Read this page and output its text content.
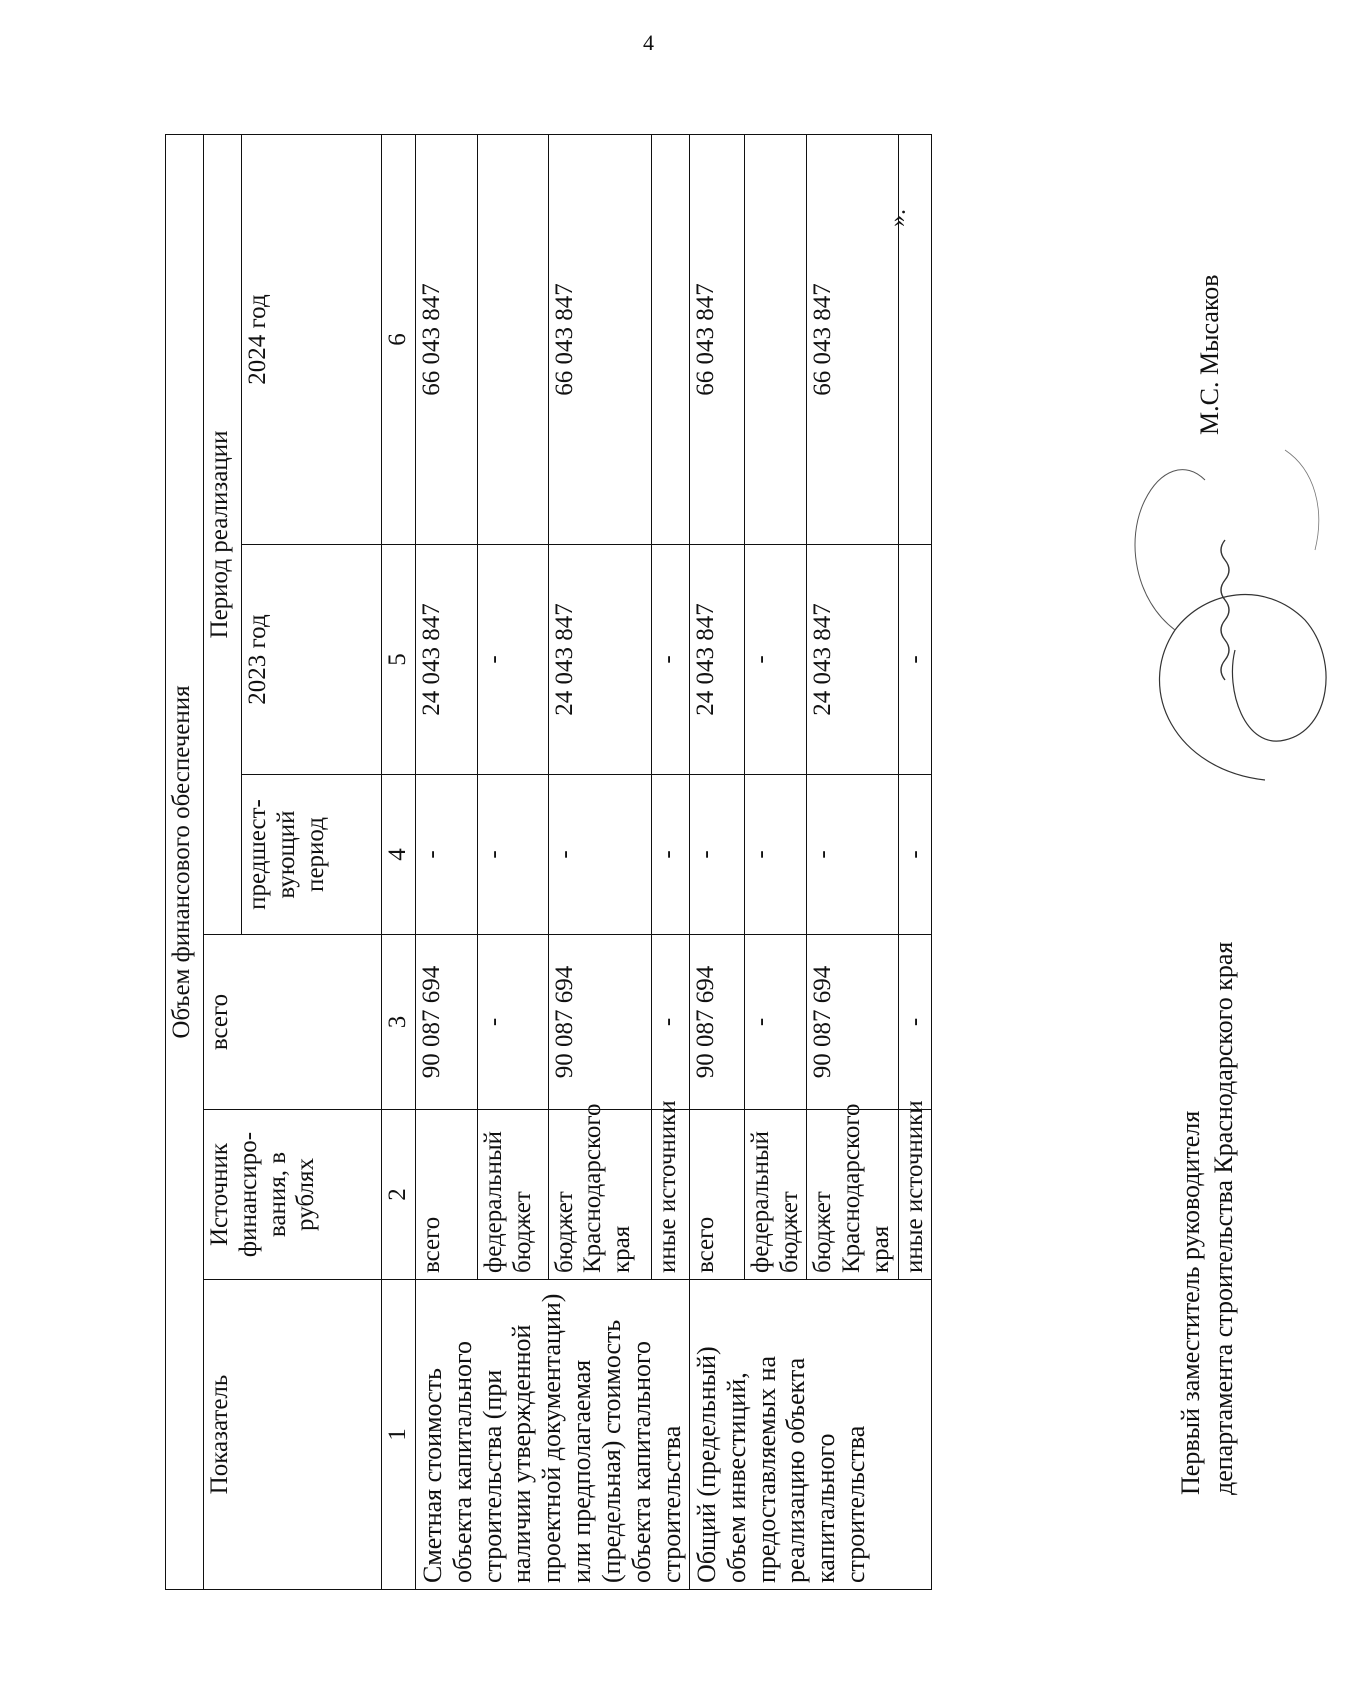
4
Объем финансового обеспечения					
Показатель	Источник финансиро-вания, в рублях	всего	Период реализации		
			предшест-вующий период	2023 год	2024 год
1	2	3	4	5	6
Сметная стоимость объекта капитального строительства (при наличии утвержденной проектной документации) или предполагаемая (предельная) стоимость объекта капитального строительства	всего	90 087 694	-	24 043 847	66 043 847
	федеральный бюджет	-	-	-	
	бюджет Краснодарского края	90 087 694	-	24 043 847	66 043 847
	иные источники	-	-	-	
Общий (предельный) объем инвестиций, предоставляемых на реализацию объекта капитального строительства	всего	90 087 694	-	24 043 847	66 043 847
	федеральный бюджет	-	-	-	
	бюджет Краснодарского края	90 087 694	-	24 043 847	66 043 847
	иные источники	-	-	-	
».
Первый заместитель руководителя департамента строительства Краснодарского края
М.С. Мысаков
